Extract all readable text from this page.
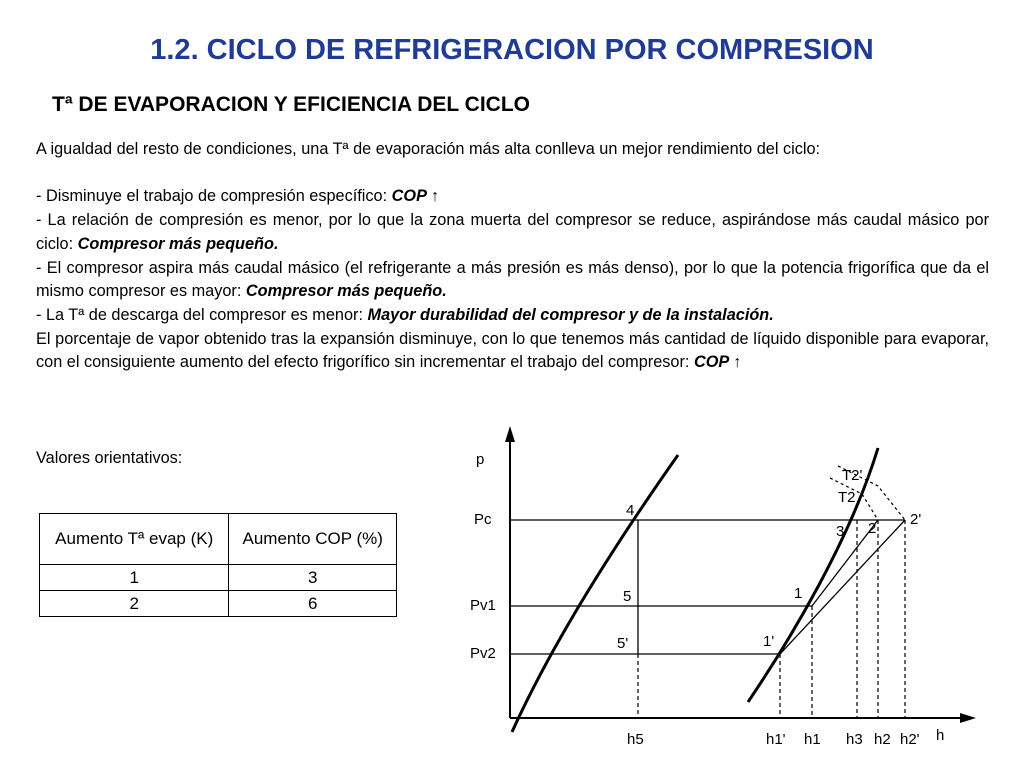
1.2. CICLO DE REFRIGERACION POR COMPRESION
Tª DE EVAPORACION Y EFICIENCIA DEL CICLO

A igualdad del resto de condiciones, una Tª de evaporación más alta conlleva un mejor rendimiento del ciclo:

- Disminuye el trabajo de compresión específico: COP ↑

- La relación de compresión es menor, por lo que la zona muerta del compresor se reduce, aspirándose más caudal másico por ciclo: Compresor más pequeño.

- El compresor aspira más caudal másico (el refrigerante a más presión es más denso), por lo que la potencia frigorífica que da el mismo compresor es mayor: Compresor más pequeño.

- La Tª de descarga del compresor es menor: Mayor durabilidad del compresor y de la instalación.

El porcentaje de vapor obtenido tras la expansión disminuye, con lo que tenemos más cantidad de líquido disponible para evaporar, con el consiguiente aumento del efecto frigorífico sin incrementar el trabajo del compresor: COP ↑

Valores orientativos:

Aumento Tª evap (K)	Aumento COP (%)
1	3
2	6
p
h
Pc
Pv1
Pv2
h5	h1' h1 h3 h2 h2'
4
5
5'
1
1'
3 2
2'
T2'
T2
